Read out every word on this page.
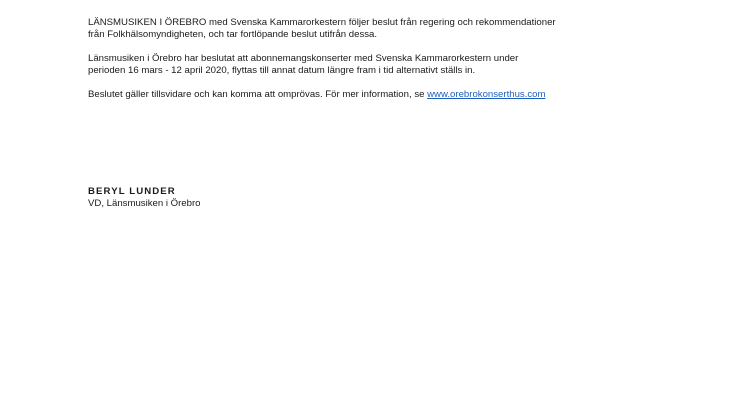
LÄNSMUSIKEN I ÖREBRO med Svenska Kammarorkestern följer beslut från regering och rekommendationer
från Folkhälsomyndigheten, och tar fortlöpande beslut utifrån dessa.

Länsmusiken i Örebro har beslutat att abonnemangskonserter med Svenska Kammarorkestern under
perioden 16 mars - 12 april 2020, flyttas till annat datum längre fram i tid alternativt ställs in.

Beslutet gäller tillsvidare och kan komma att omprövas. För mer information, se www.orebrokonserthus.com

BERYL LUNDER
VD, Länsmusiken i Örebro
